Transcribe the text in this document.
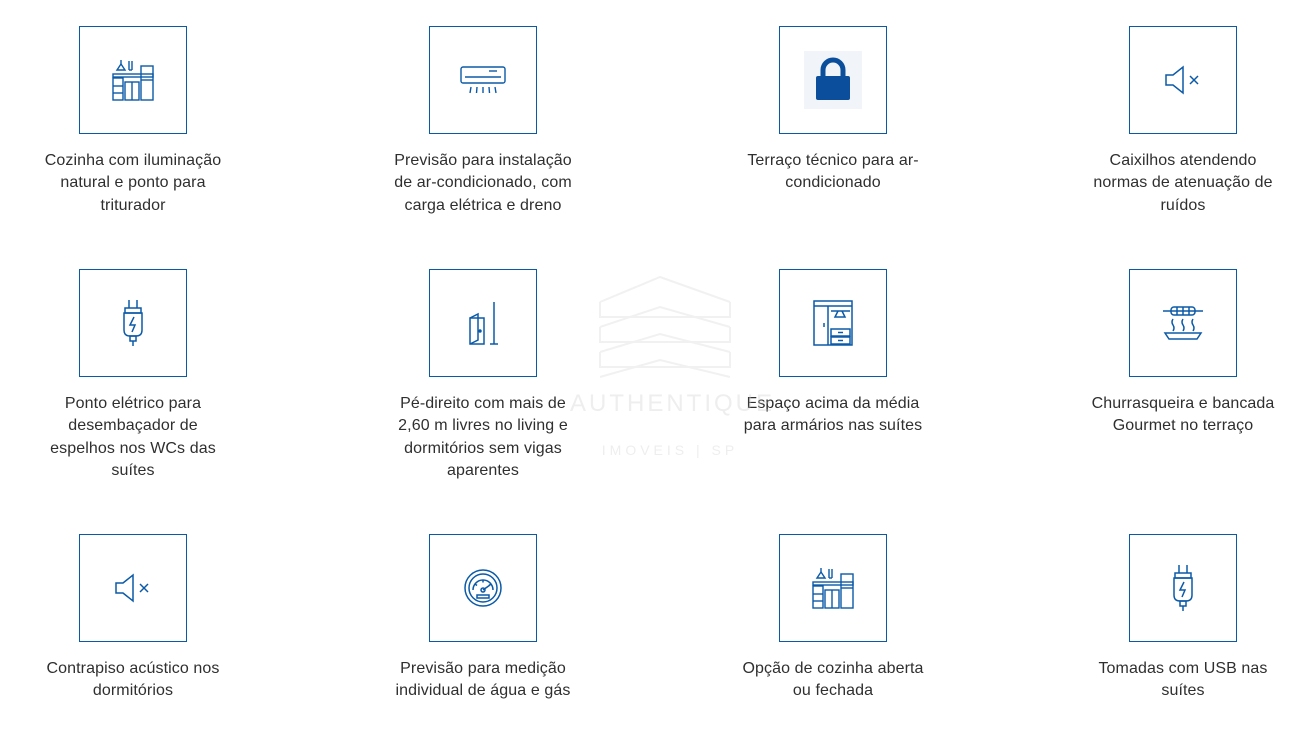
Cozinha com iluminação
natural e ponto para
triturador
Previsão para instalação
de ar-condicionado, com
carga elétrica e dreno
Terraço técnico para ar-
condicionado
Caixilhos atendendo
normas de atenuação de
ruídos
Ponto elétrico para
desembaçador de
espelhos nos WCs das
suítes
Pé-direito com mais de
2,60 m livres no living e
dormitórios sem vigas
aparentes
Espaço acima da média
para armários nas suítes
Churrasqueira e bancada
Gourmet no terraço
Contrapiso acústico nos
dormitórios
Previsão para medição
individual de água e gás
Opção de cozinha aberta
ou fechada
Tomadas com USB nas
suítes
AUTHENTIQUE
IMOVEIS | SP
